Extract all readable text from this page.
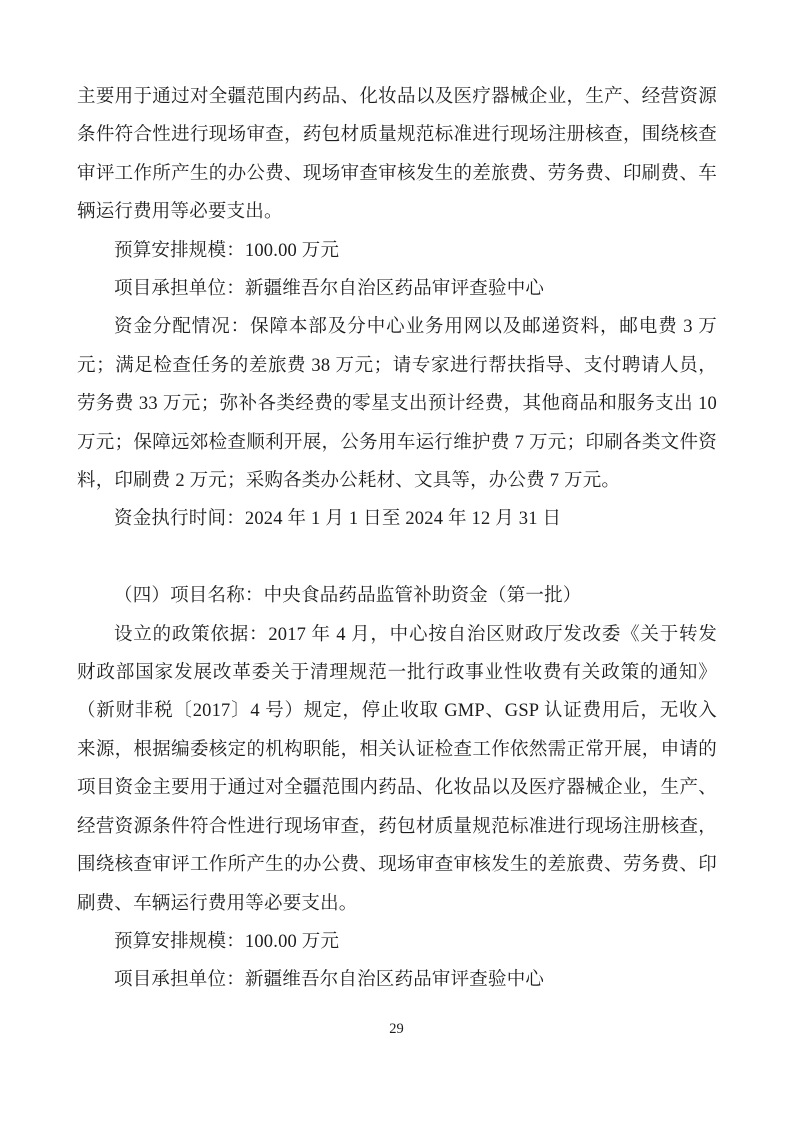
主要用于通过对全疆范围内药品、化妆品以及医疗器械企业，生产、经营资源条件符合性进行现场审查，药包材质量规范标准进行现场注册核查，围绕核查审评工作所产生的办公费、现场审查审核发生的差旅费、劳务费、印刷费、车辆运行费用等必要支出。

预算安排规模：100.00 万元

项目承担单位：新疆维吾尔自治区药品审评查验中心

资金分配情况：保障本部及分中心业务用网以及邮递资料，邮电费 3 万元；满足检查任务的差旅费 38 万元；请专家进行帮扶指导、支付聘请人员，劳务费 33 万元；弥补各类经费的零星支出预计经费，其他商品和服务支出 10 万元；保障远郊检查顺利开展，公务用车运行维护费 7 万元；印刷各类文件资料，印刷费 2 万元；采购各类办公耗材、文具等，办公费 7 万元。

资金执行时间：2024 年 1 月 1 日至 2024 年 12 月 31 日

（四）项目名称：中央食品药品监管补助资金（第一批）

设立的政策依据：2017 年 4 月，中心按自治区财政厅发改委《关于转发财政部国家发展改革委关于清理规范一批行政事业性收费有关政策的通知》（新财非税〔2017〕4 号）规定，停止收取 GMP、GSP 认证费用后，无收入来源，根据编委核定的机构职能，相关认证检查工作依然需正常开展，申请的项目资金主要用于通过对全疆范围内药品、化妆品以及医疗器械企业，生产、经营资源条件符合性进行现场审查，药包材质量规范标准进行现场注册核查，围绕核查审评工作所产生的办公费、现场审查审核发生的差旅费、劳务费、印刷费、车辆运行费用等必要支出。

预算安排规模：100.00 万元

项目承担单位：新疆维吾尔自治区药品审评查验中心

29
